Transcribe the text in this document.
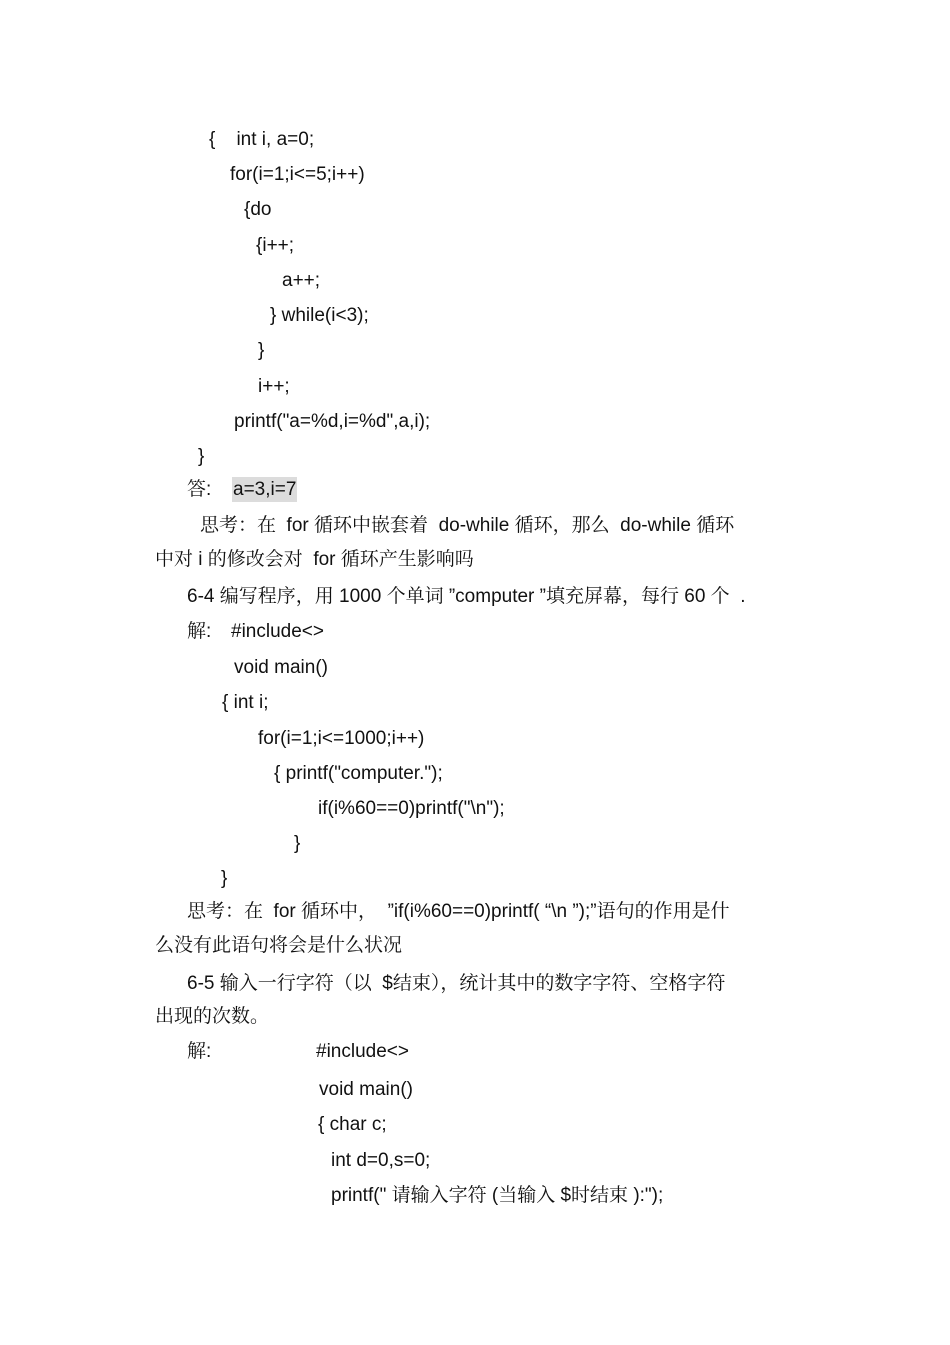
{    int i, a=0;
for(i=1;i<=5;i++)
{do
{i++;
a++;
} while(i<3);
}
i++;
printf("a=%d,i=%d",a,i);
}
答: a=3,i=7
思考：在  for 循环中嵌套着  do-while 循环，那么  do-while 循环
中对 i 的修改会对  for 循环产生影响吗
6-4 编写程序，用 1000 个单词 ”computer ”填充屏幕，每行 60 个  .
解: #include<>
void main()
{ int i;
for(i=1;i<=1000;i++)
{ printf("computer.");
if(i%60==0)printf("\n");
}
}
思考：在  for 循环中，  ”if(i%60==0)printf( “\n ”);”语句的作用是什
么没有此语句将会是什么状况
6-5 输入一行字符（以  $结束），统计其中的数字字符、空格字符
出现的次数。
解:	#include<>
void main()
{ char c;
int d=0,s=0;
printf(" 请输入字符 (当输入 $时结束 ):");
